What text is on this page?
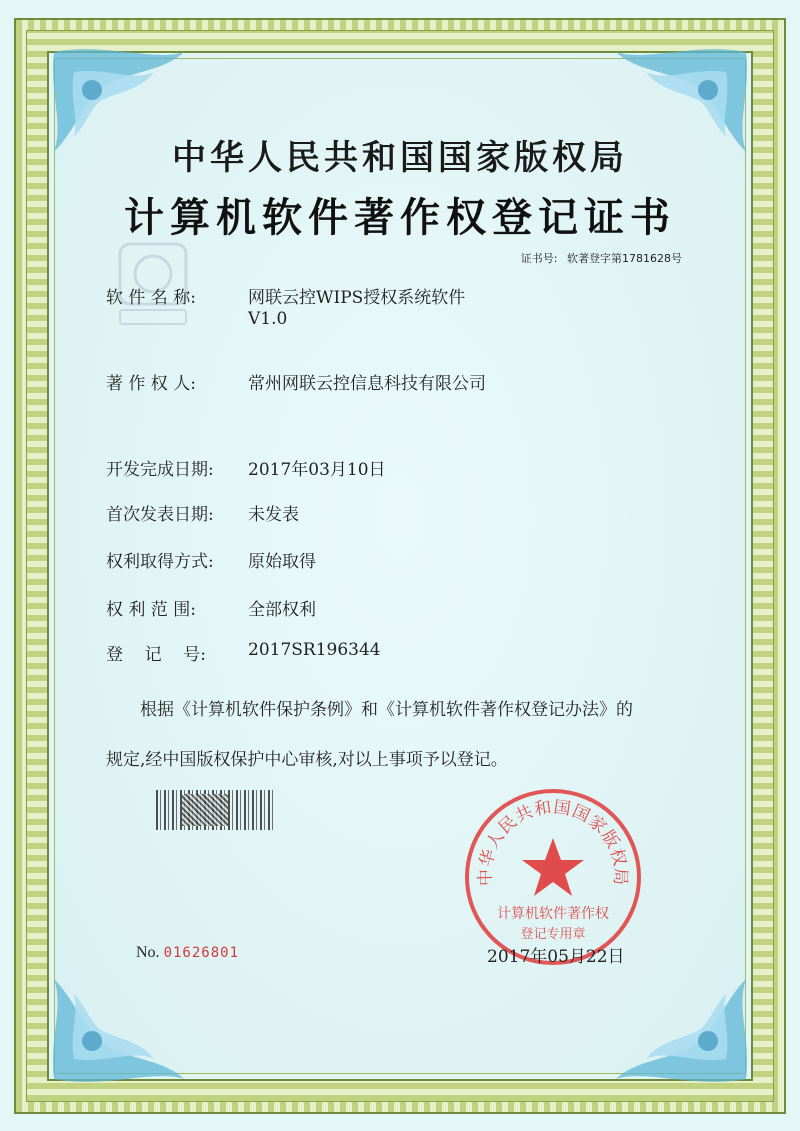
中华人民共和国国家版权局
计算机软件著作权登记证书
证书号: 软著登字第1781628号
软 件 名 称:	网联云控WIPS授权系统软件
V1.0
著 作 权 人:	常州网联云控信息科技有限公司
开发完成日期: 2017年03月10日
首次发表日期: 未发表
权利取得方式: 原始取得
权 利 范 围:	全部权利
登    记    号: 2017SR196344
根据《计算机软件保护条例》和《计算机软件著作权登记办法》的
规定,经中国版权保护中心审核,对以上事项予以登记。
No. 01626801
中华人民共和国国家版权局
计算机软件著作权
登记专用章
2017年05月22日
